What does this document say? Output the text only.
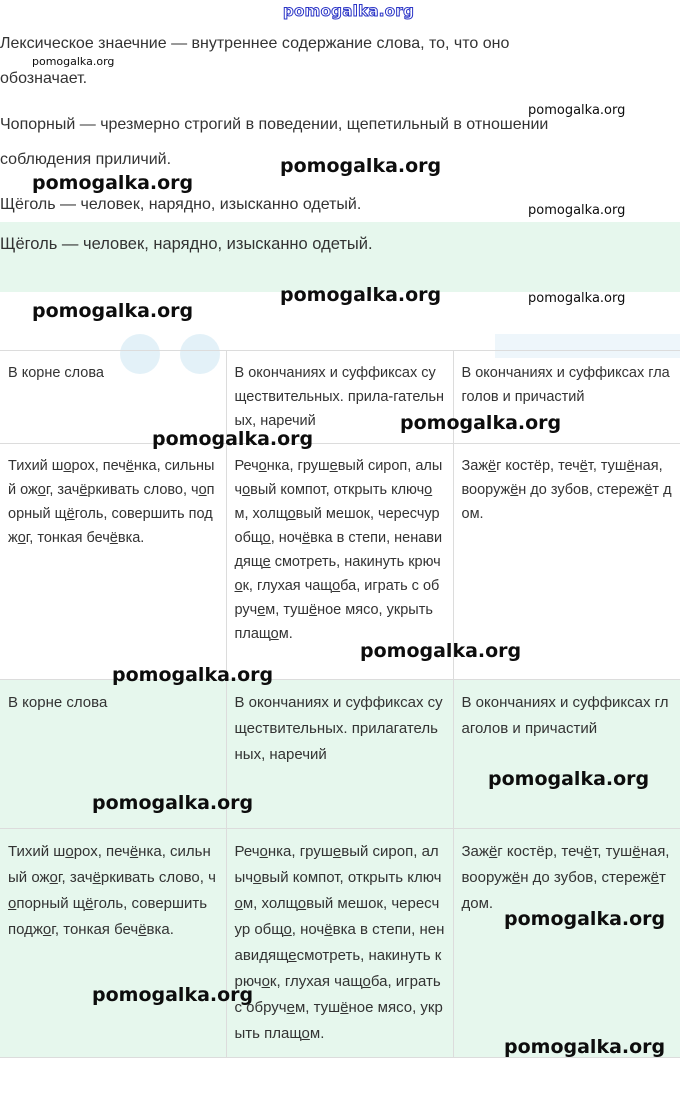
pomogalka.org

Лексическое знаечние — внутреннее содержание слова, то, что оно

обозначает.

Чопорный — чрезмерно строгий в поведении, щепетильный в отношении

соблюдения приличий.

Щёголь — человек, нарядно, изысканно одетый.

Щёголь — человек, нарядно, изысканно одетый.

В корне слова	В окончаниях и суффиксах существительных. прила-гательных, наречий	В окончаниях и суффиксах глаголов и причастий
Тихий шорох, печёнка, сильный ожог, зачёркивать слово, чопорный щёголь, совершить поджог, тонкая бечёвка.	Речонка, грушевый сироп, алычовый компот, открыть ключом, холщовый мешок, чересчур общо, ночёвка в степи, ненавидяще смотреть, накинуть крючок, глухая чащоба, играть с обручем, тушёное мясо, укрыть плащом.	Зажёг костёр, течёт, тушёная, вооружён до зубов, стережёт дом.
В корне слова	В окончаниях и суффиксах существительных. прилагательных, наречий	В окончаниях и суффиксах глаголов и причастий
Тихий шорох, печёнка, сильный ожог, зачёркивать слово, чопорный щёголь, совершить поджог, тонкая бечёвка.	Речонка, грушевый сироп, алычовый компот, открыть ключом, холщовый мешок, чересчур общо, ночёвка в степи, ненавидящесмотреть, накинуть крючок, глухая чащоба, играть с обручем, тушёное мясо, укрыть плащом.	Зажёг костёр, течёт, тушёная, вооружён до зубов, стережёт дом.
pomogalka.org
pomogalka.org
pomogalka.org
pomogalka.org
pomogalka.org
pomogalka.org	pomogalka.org
pomogalka.org
pomogalka.org
pomogalka.org
pomogalka.org
pomogalka.org
pomogalka.org
pomogalka.org
pomogalka.org
pomogalka.org
pomogalka.org
